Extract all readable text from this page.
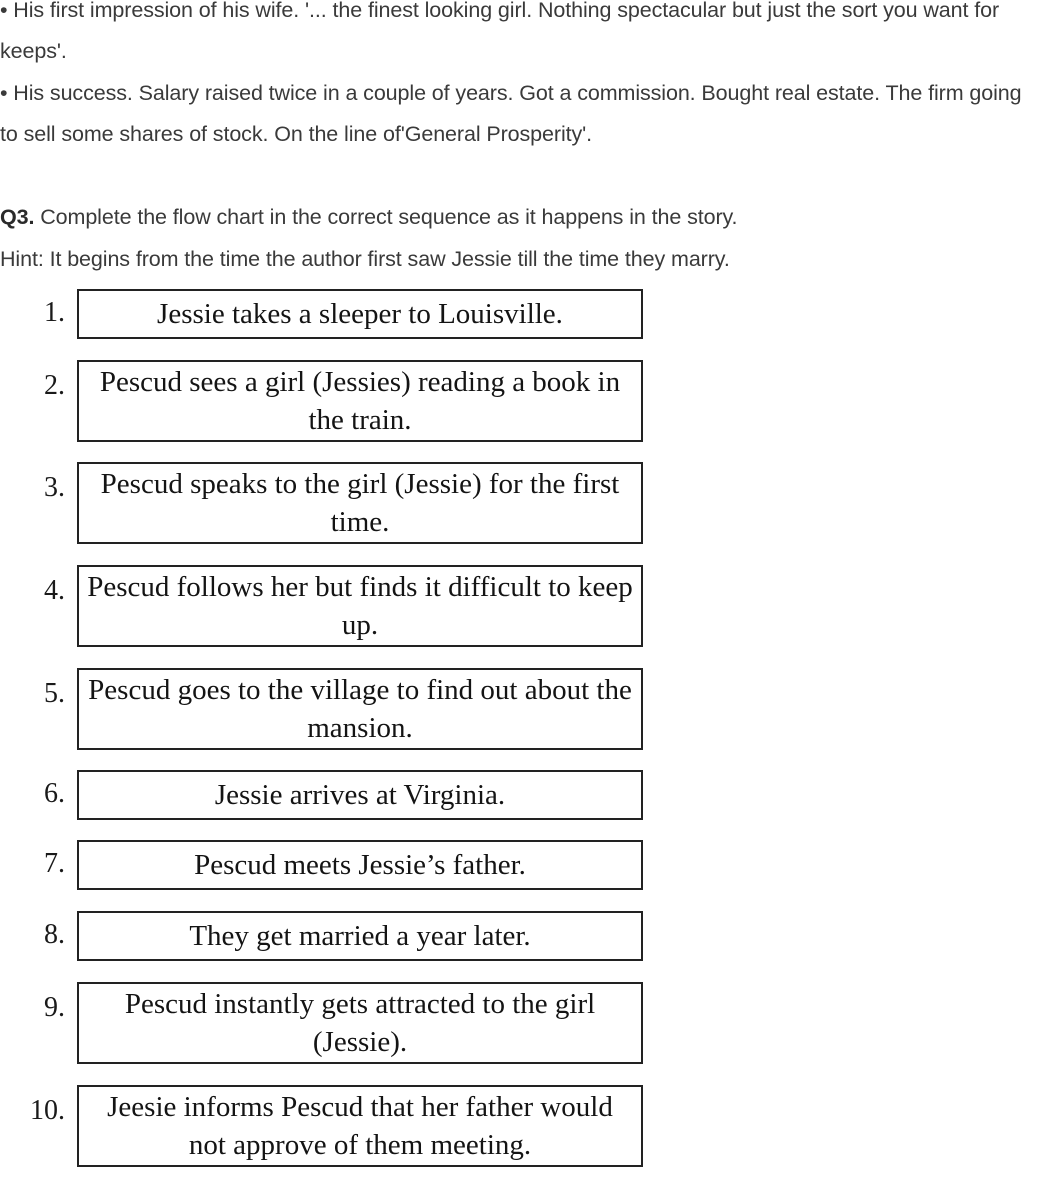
• His first impression of his wife. '... the finest looking girl. Nothing spectacular but just the sort you want for keeps'.

• His success. Salary raised twice in a couple of years. Got a commission. Bought real estate. The firm going to sell some shares of stock. On the line of'General Prosperity'.

Q3. Complete the flow chart in the correct sequence as it happens in the story.

Hint: It begins from the time the author first saw Jessie till the time they marry.

1.	Jessie takes a sleeper to Louisville.
2.	Pescud sees a girl (Jessies) reading a book in the train.
3.	Pescud speaks to the girl (Jessie) for the first time.
4. Pescud follows her but finds it difficult to keep up.
5. Pescud goes to the village to find out about the mansion.
6.	Jessie arrives at Virginia.
7.	Pescud meets Jessie’s father.
8.	They get married a year later.
9.	Pescud instantly gets attracted to the girl (Jessie).
10.	Jeesie informs Pescud that her father would not approve of them meeting.
